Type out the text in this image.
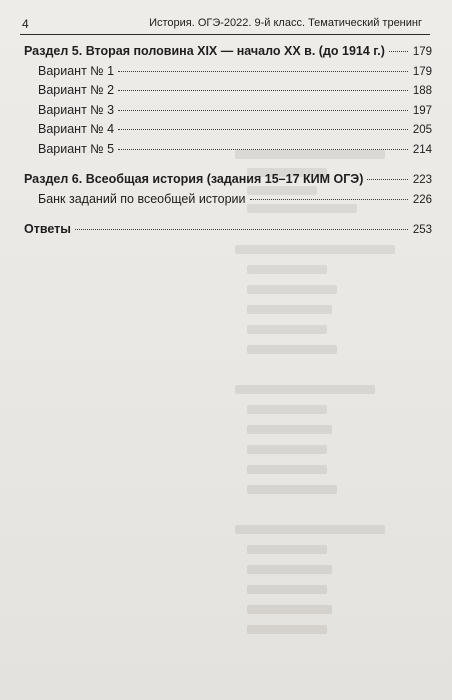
4	История. ОГЭ-2022. 9-й класс. Тематический тренинг
Раздел 5. Вторая половина XIX — начало XX в. (до 1914 г.) 179
Вариант № 1	179
Вариант № 2	188
Вариант № 3	197
Вариант № 4	205
Вариант № 5	214
Раздел 6. Всеобщая история (задания 15–17 КИМ ОГЭ)	223
Банк заданий по всеобщей истории	226
Ответы	253
